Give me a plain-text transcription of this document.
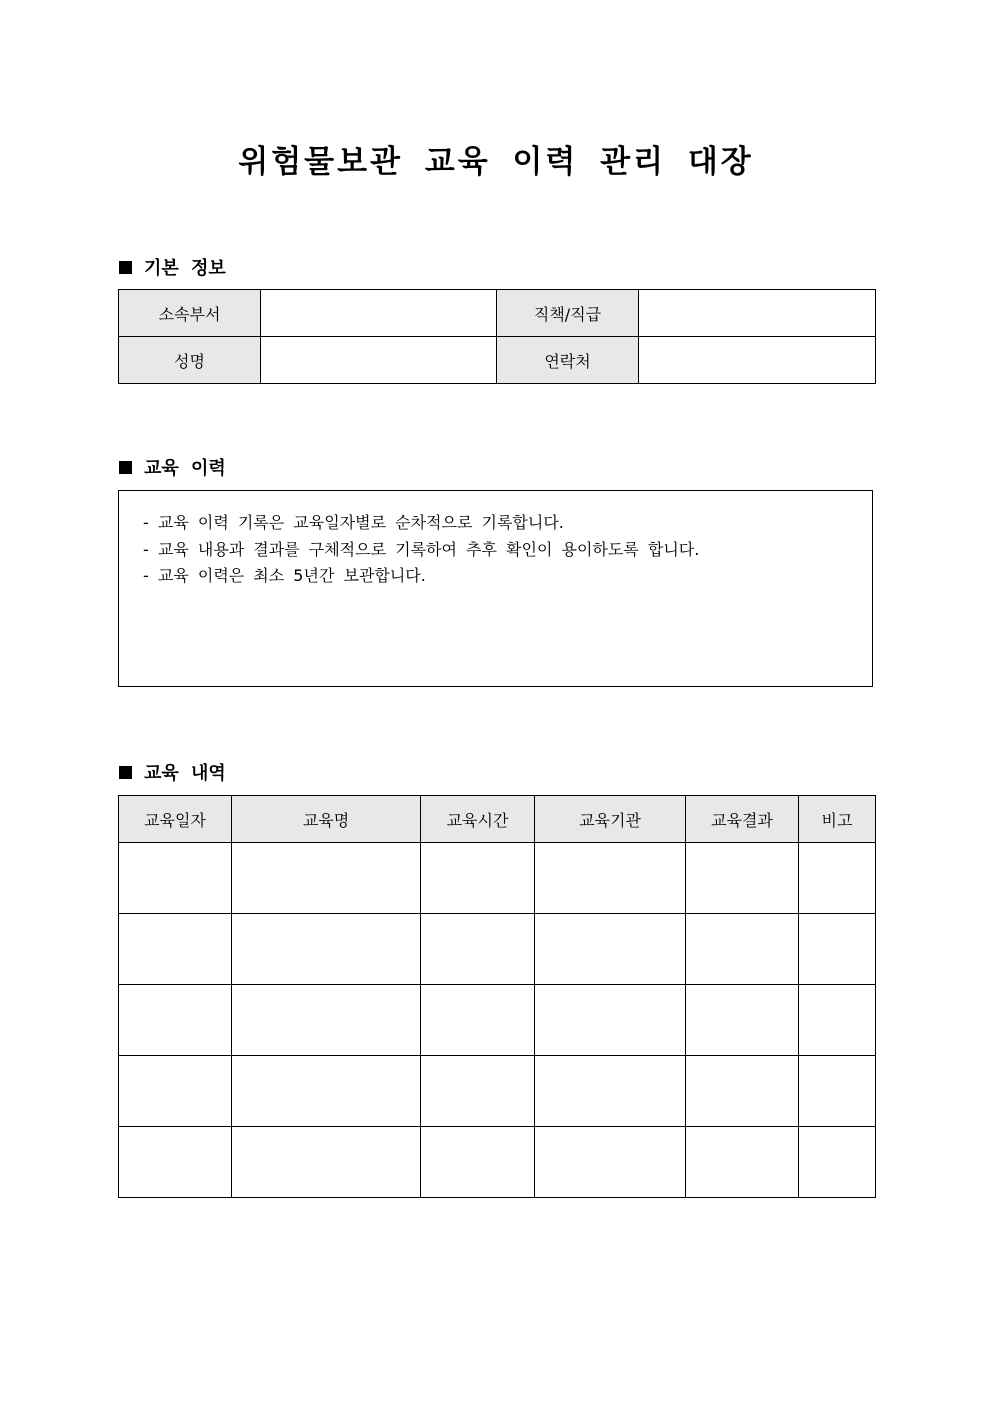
위험물보관 교육 이력 관리 대장
기본 정보
소속부서		직책/직급	
성명		연락처	
교육 이력
- 교육 이력 기록은 교육일자별로 순차적으로 기록합니다.
- 교육 내용과 결과를 구체적으로 기록하여 추후 확인이 용이하도록 합니다.
- 교육 이력은 최소 5년간 보관합니다.
교육 내역
교육일자	교육명	교육시간	교육기관	교육결과	비고
